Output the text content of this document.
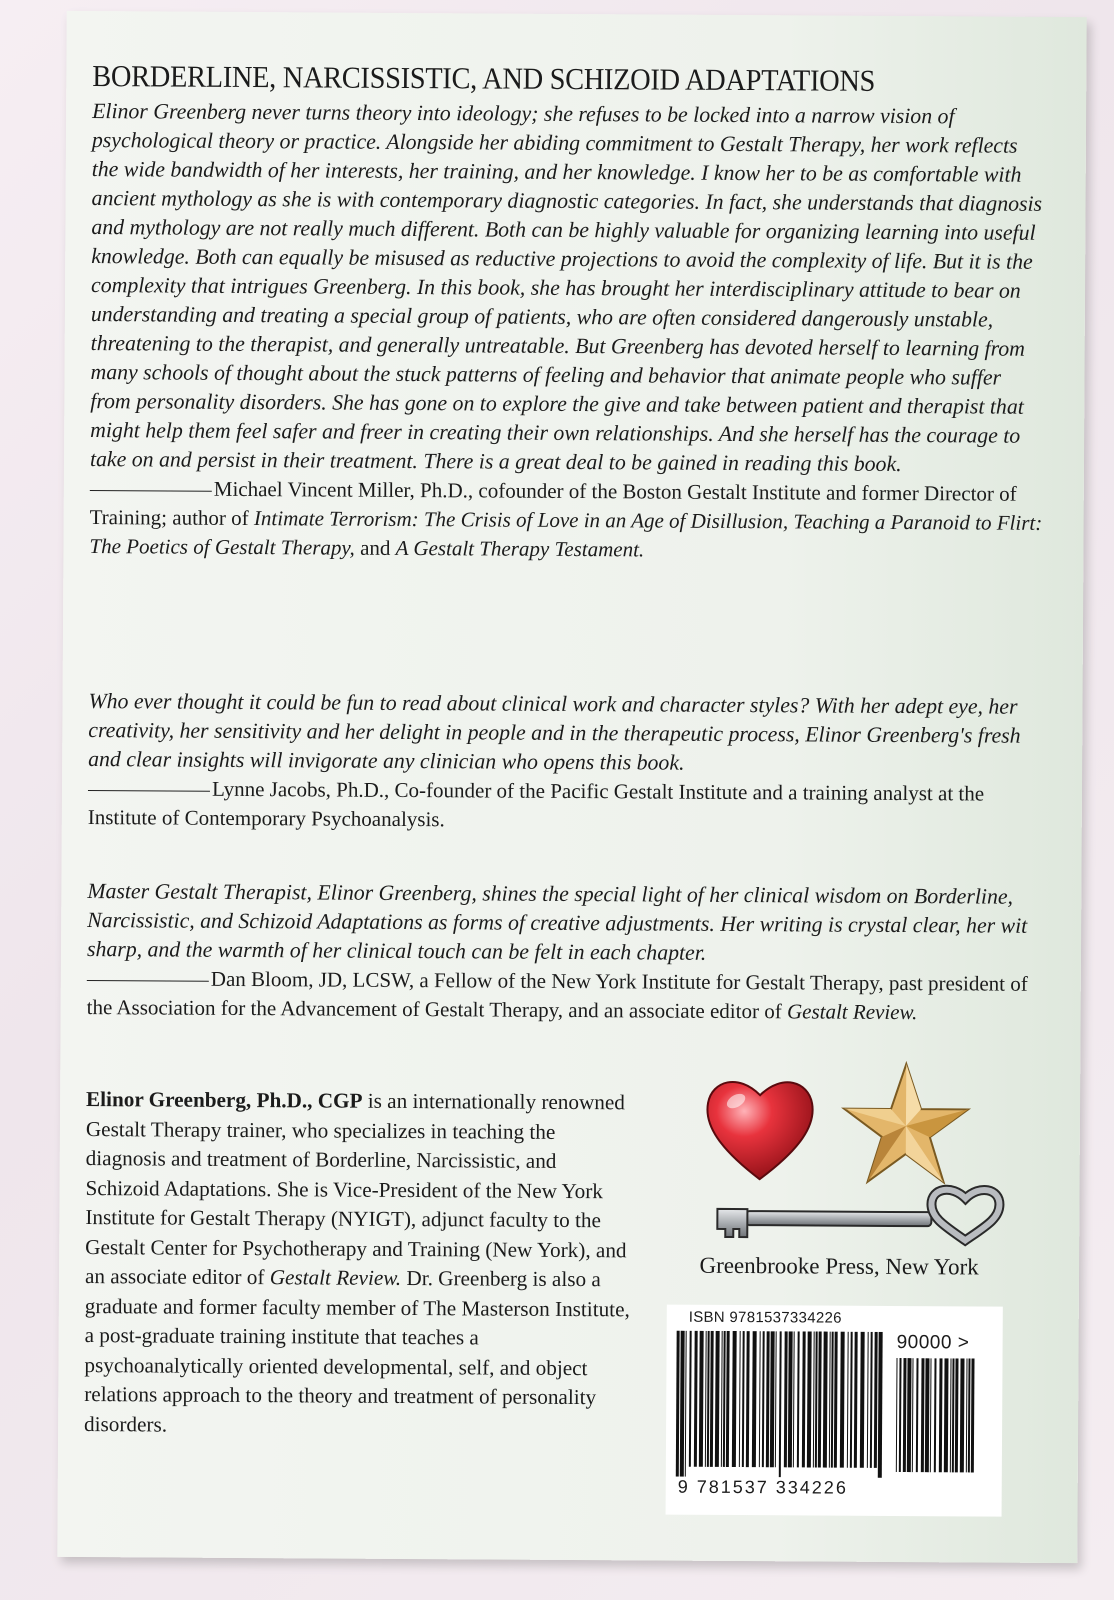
BORDERLINE, NARCISSISTIC, AND SCHIZOID ADAPTATIONS

Elinor Greenberg never turns theory into ideology; she refuses to be locked into a narrow vision of psychological theory or practice. Alongside her abiding commitment to Gestalt Therapy, her work reflects the wide bandwidth of her interests, her training, and her knowledge. I know her to be as comfortable with ancient mythology as she is with contemporary diagnostic categories. In fact, she understands that diagnosis and mythology are not really much different. Both can be highly valuable for organizing learning into useful knowledge. Both can equally be misused as reductive projections to avoid the complexity of life. But it is the complexity that intrigues Greenberg. In this book, she has brought her interdisciplinary attitude to bear on understanding and treating a special group of patients, who are often considered dangerously unstable, threatening to the therapist, and generally untreatable. But Greenberg has devoted herself to learning from many schools of thought about the stuck patterns of feeling and behavior that animate people who suffer from personality disorders. She has gone on to explore the give and take between patient and therapist that might help them feel safer and freer in creating their own relationships. And she herself has the courage to take on and persist in their treatment. There is a great deal to be gained in reading this book.

Michael Vincent Miller, Ph.D., cofounder of the Boston Gestalt Institute and former Director of Training; author of Intimate Terrorism: The Crisis of Love in an Age of Disillusion, Teaching a Paranoid to Flirt: The Poetics of Gestalt Therapy, and A Gestalt Therapy Testament.

Who ever thought it could be fun to read about clinical work and character styles? With her adept eye, her creativity, her sensitivity and her delight in people and in the therapeutic process, Elinor Greenberg's fresh and clear insights will invigorate any clinician who opens this book.

Lynne Jacobs, Ph.D., Co-founder of the Pacific Gestalt Institute and a training analyst at the Institute of Contemporary Psychoanalysis.

Master Gestalt Therapist, Elinor Greenberg, shines the special light of her clinical wisdom on Borderline, Narcissistic, and Schizoid Adaptations as forms of creative adjustments. Her writing is crystal clear, her wit sharp, and the warmth of her clinical touch can be felt in each chapter.

Dan Bloom, JD, LCSW, a Fellow of the New York Institute for Gestalt Therapy, past president of the Association for the Advancement of Gestalt Therapy, and an associate editor of Gestalt Review.
Elinor Greenberg, Ph.D., CGP is an internationally renowned Gestalt Therapy trainer, who specializes in teaching the diagnosis and treatment of Borderline, Narcissistic, and Schizoid Adaptations. She is Vice-President of the New York Institute for Gestalt Therapy (NYIGT), adjunct faculty to the Gestalt Center for Psychotherapy and Training (New York), and an associate editor of Gestalt Review. Dr. Greenberg is also a graduate and former faculty member of The Masterson Institute, a post-graduate training institute that teaches a psychoanalytically oriented developmental, self, and object relations approach to the theory and treatment of personality disorders.
Greenbrooke Press, New York
ISBN 9781537334226
90000 >
9 781537 334226
